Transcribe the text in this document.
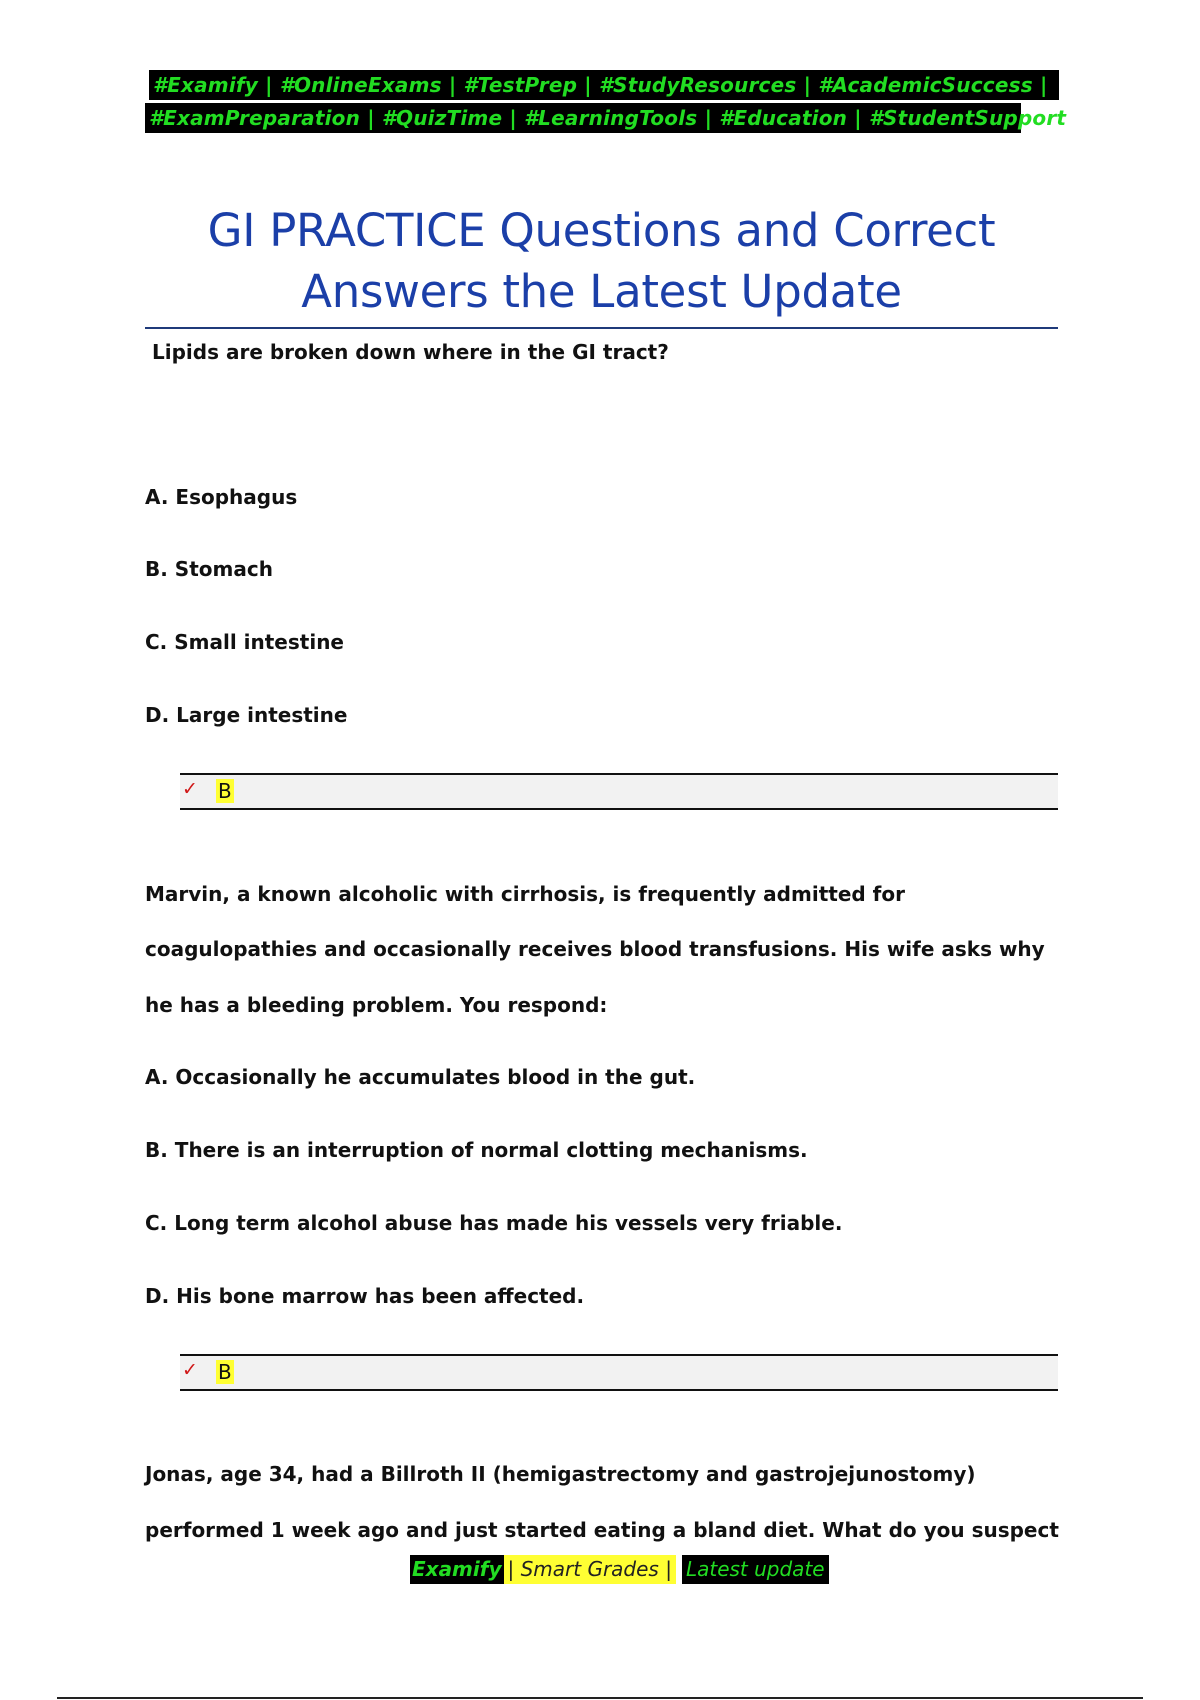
#Examify | #OnlineExams | #TestPrep | #StudyResources | #AcademicSuccess |
#ExamPreparation | #QuizTime | #LearningTools | #Education | #StudentSupport
GI PRACTICE Questions and Correct
Answers the Latest Update
Lipids are broken down where in the GI tract?
A. Esophagus
B. Stomach
C. Small intestine
D. Large intestine
✓ B
Marvin, a known alcoholic with cirrhosis, is frequently admitted for
coagulopathies and occasionally receives blood transfusions. His wife asks why
he has a bleeding problem. You respond:
A. Occasionally he accumulates blood in the gut.
B. There is an interruption of normal clotting mechanisms.
C. Long term alcohol abuse has made his vessels very friable.
D. His bone marrow has been affected.
✓ B
Jonas, age 34, had a Billroth II (hemigastrectomy and gastrojejunostomy)
performed 1 week ago and just started eating a bland diet. What do you suspect
Examify | Smart Grades | Latest update
